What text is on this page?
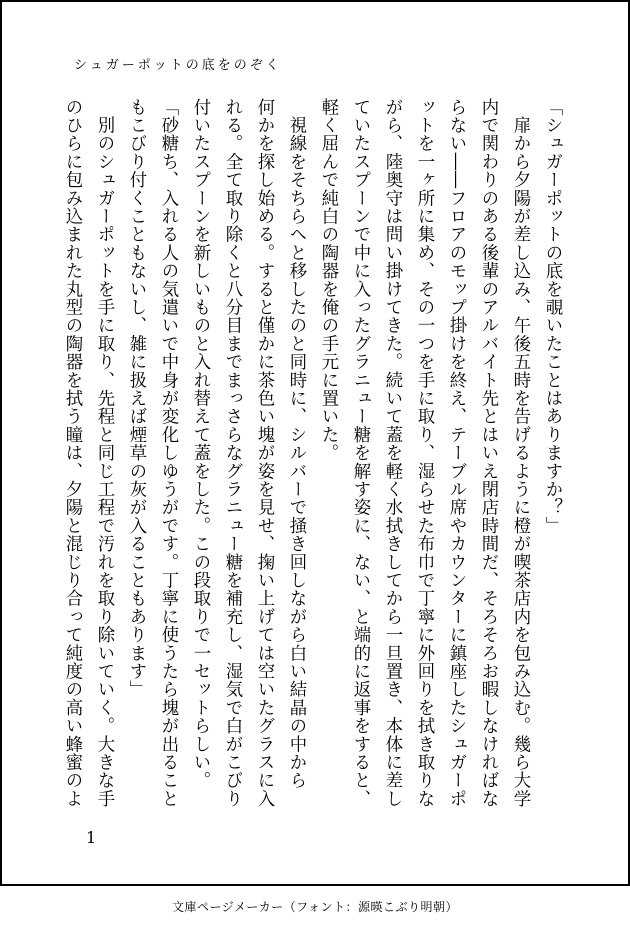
シュガーポットの底をのぞく
「シュガーポットの底を覗いたことはありますか？」
　扉から夕陽が差し込み、午後五時を告げるように橙が喫茶店内を包み込む。幾ら大学
内で関わりのある後輩のアルバイト先とはいえ閉店時間だ、そろそろお暇しなければな
らない――フロアのモップ掛けを終え、テーブル席やカウンターに鎮座したシュガーポ
ットを一ヶ所に集め、その一つを手に取り、湿らせた布巾で丁寧に外回りを拭き取りな
がら、陸奥守は問い掛けてきた。続いて蓋を軽く水拭きしてから一旦置き、本体に差し
ていたスプーンで中に入ったグラニュー糖を解す姿に、ない、と端的に返事をすると、
軽く屈んで純白の陶器を俺の手元に置いた。
　視線をそちらへと移したのと同時に、シルバーで掻き回しながら白い結晶の中から
何かを探し始める。すると僅かに茶色い塊が姿を見せ、掬い上げては空いたグラスに入
れる。全て取り除くと八分目までまっさらなグラニュー糖を補充し、湿気で白がこびり
付いたスプーンを新しいものと入れ替えて蓋をした。この段取りで一セットらしい。
「砂糖ち、入れる人の気遣いで中身が変化しゆうがです。丁寧に使うたら塊が出ること
もこびり付くこともないし、雑に扱えば煙草の灰が入ることもあります」
　別のシュガーポットを手に取り、先程と同じ工程で汚れを取り除いていく。大きな手
のひらに包み込まれた丸型の陶器を拭う瞳は、夕陽と混じり合って純度の高い蜂蜜のよ
1
文庫ページメーカー（フォント：源暎こぶり明朝）
